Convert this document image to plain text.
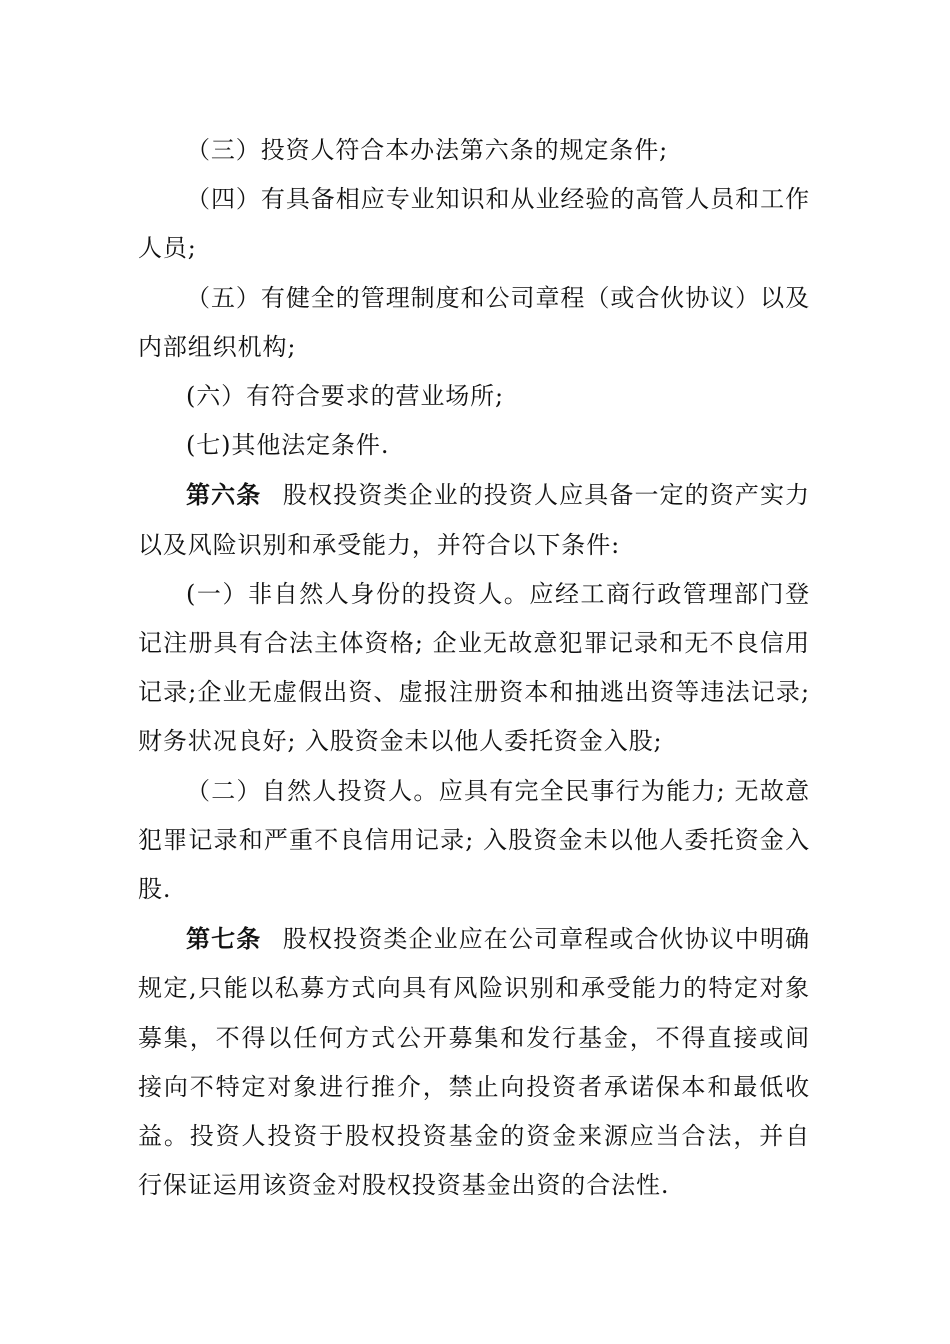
（三）投资人符合本办法第六条的规定条件;

（四）有具备相应专业知识和从业经验的高管人员和工作人员;

（五）有健全的管理制度和公司章程（或合伙协议）以及内部组织机构;

(六）有符合要求的营业场所;

(七)其他法定条件.

第六条 股权投资类企业的投资人应具备一定的资产实力以及风险识别和承受能力，并符合以下条件:

(一）非自然人身份的投资人。应经工商行政管理部门登记注册具有合法主体资格; 企业无故意犯罪记录和无不良信用记录;企业无虚假出资、虚报注册资本和抽逃出资等违法记录; 财务状况良好; 入股资金未以他人委托资金入股;

（二）自然人投资人。应具有完全民事行为能力; 无故意犯罪记录和严重不良信用记录; 入股资金未以他人委托资金入股.

第七条 股权投资类企业应在公司章程或合伙协议中明确规定,只能以私募方式向具有风险识别和承受能力的特定对象募集，不得以任何方式公开募集和发行基金，不得直接或间接向不特定对象进行推介，禁止向投资者承诺保本和最低收益。投资人投资于股权投资基金的资金来源应当合法，并自行保证运用该资金对股权投资基金出资的合法性.
